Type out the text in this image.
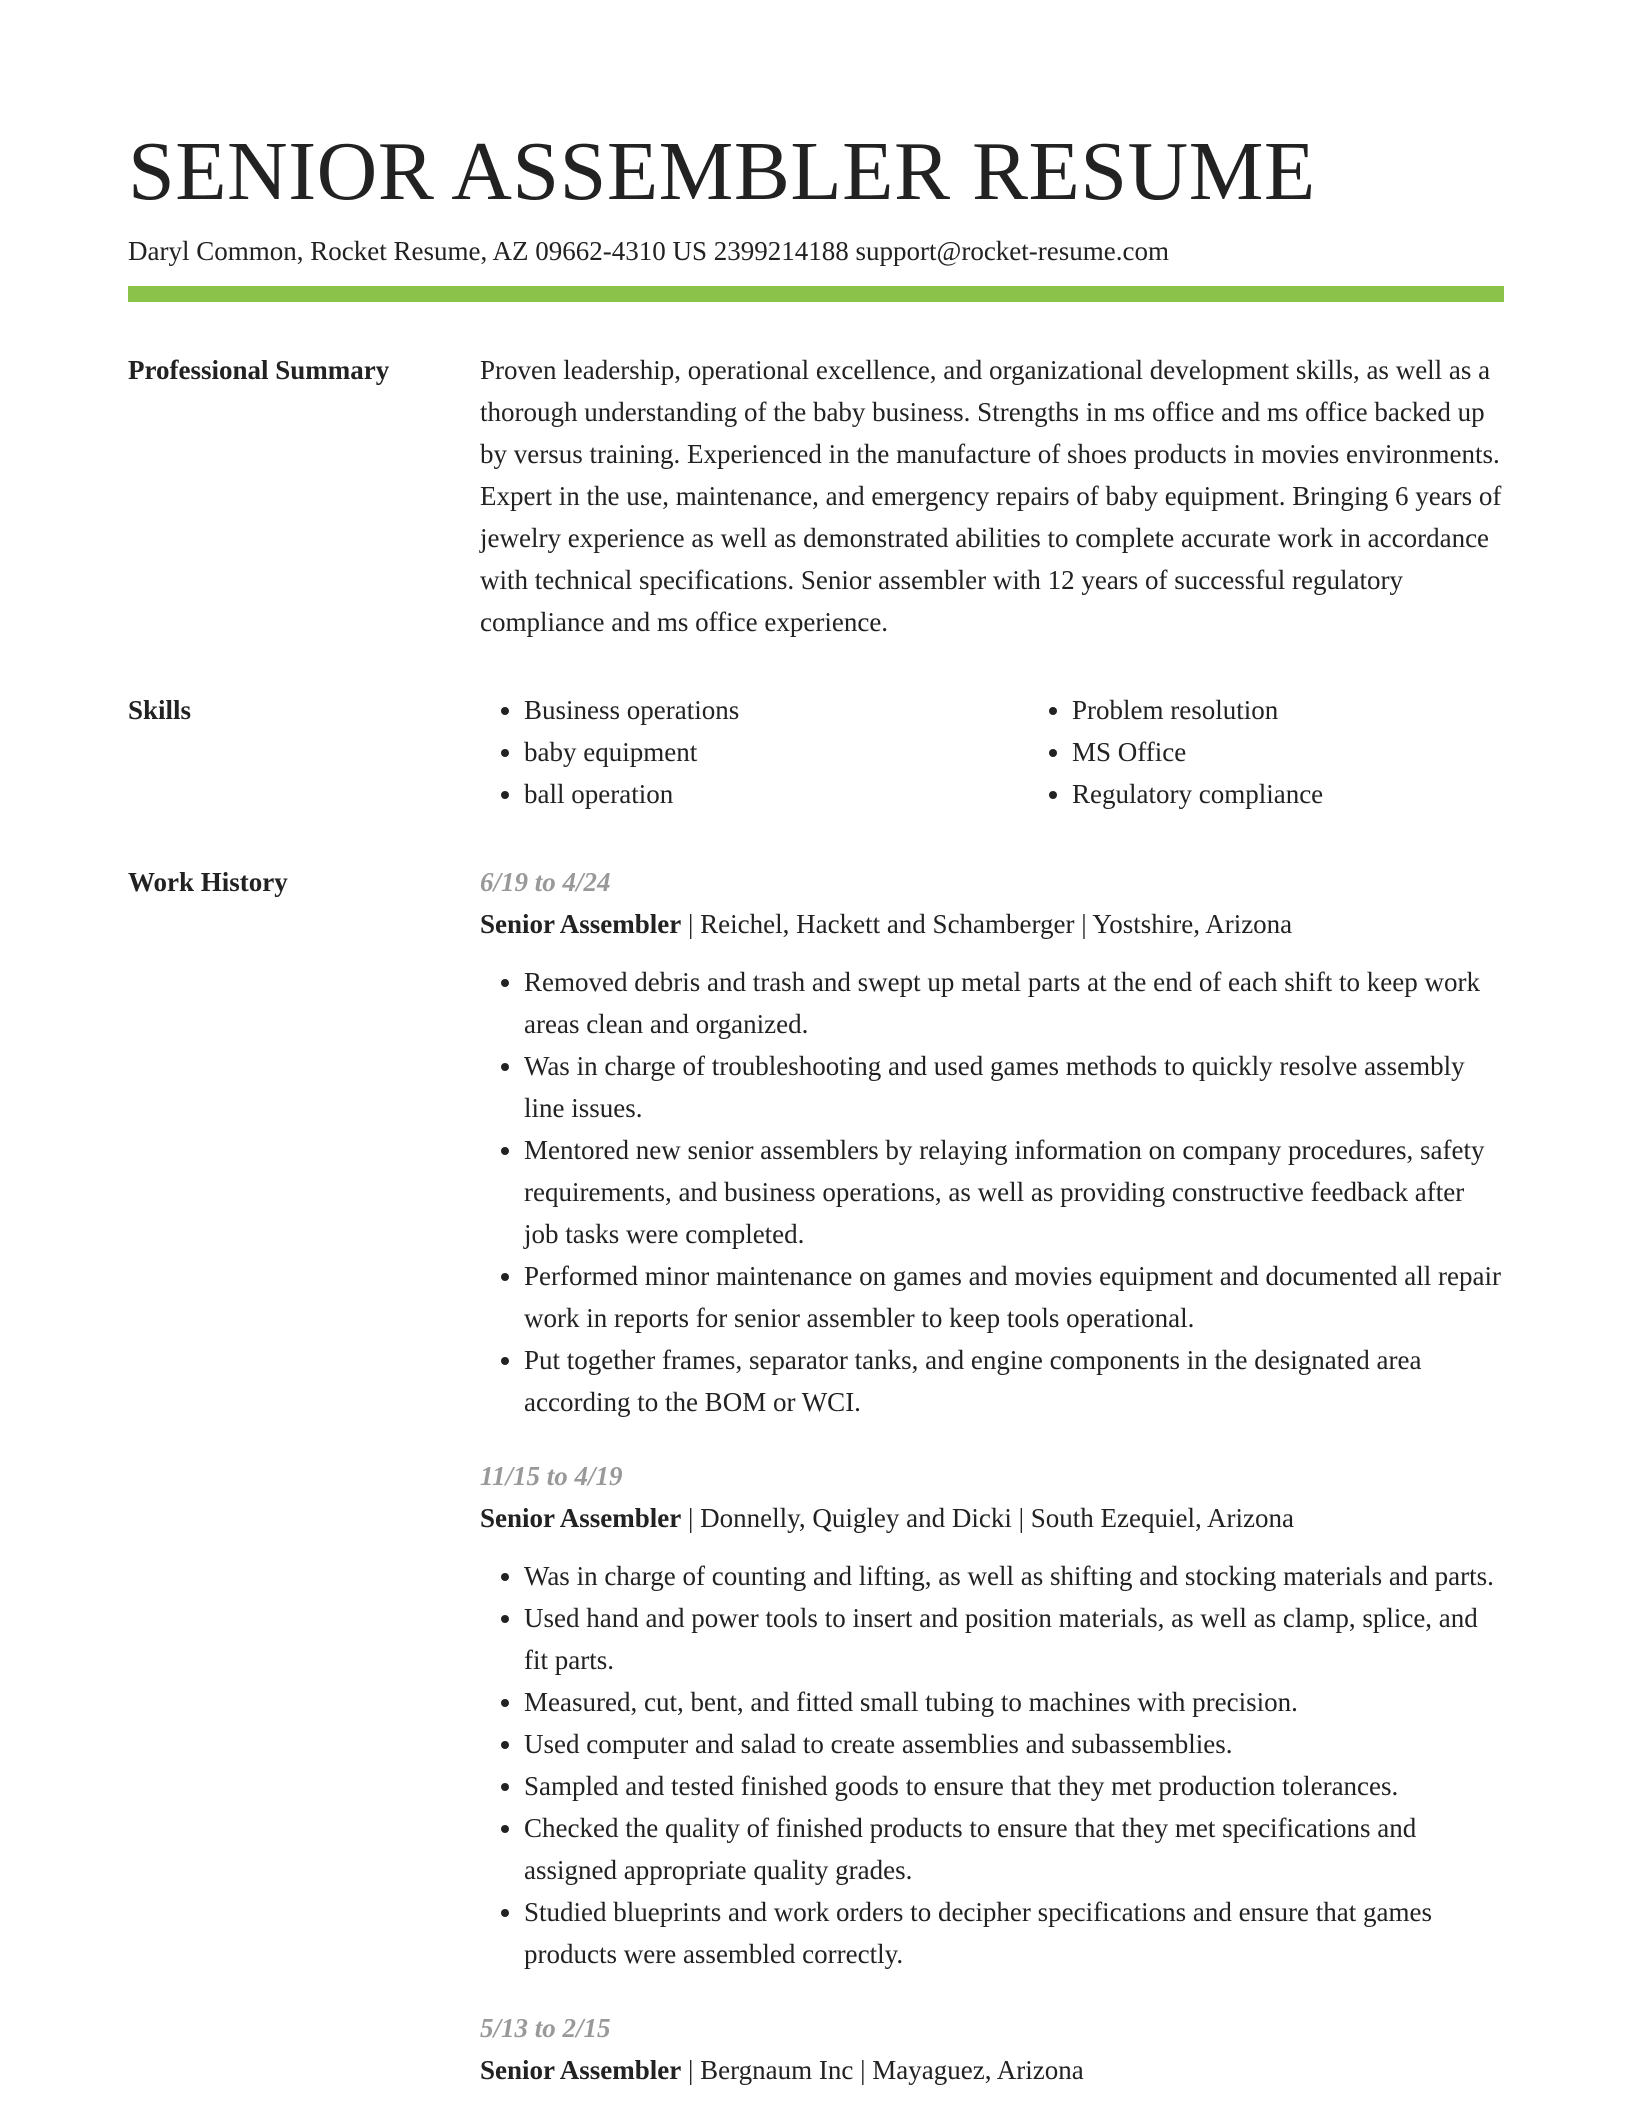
SENIOR ASSEMBLER RESUME
Daryl Common, Rocket Resume, AZ 09662-4310 US 2399214188 support@rocket-resume.com
Professional Summary	Proven leadership, operational excellence, and organizational development skills, as well as a thorough understanding of the baby business. Strengths in ms office and ms office backed up by versus training. Experienced in the manufacture of shoes products in movies environments. Expert in the use, maintenance, and emergency repairs of baby equipment. Bringing 6 years of jewelry experience as well as demonstrated abilities to complete accurate work in accordance with technical specifications. Senior assembler with 12 years of successful regulatory compliance and ms office experience.

Skills
•	Business operations
• baby equipment
• ball operation
• Problem resolution
• MS Office
• Regulatory compliance
Work History	6/19 to 4/24
Senior Assembler | Reichel, Hackett and Schamberger | Yostshire, Arizona
• Removed debris and trash and swept up metal parts at the end of each shift to keep work areas clean and organized.
• Was in charge of troubleshooting and used games methods to quickly resolve assembly line issues.
• Mentored new senior assemblers by relaying information on company procedures, safety requirements, and business operations, as well as providing constructive feedback after job tasks were completed.
• Performed minor maintenance on games and movies equipment and documented all repair work in reports for senior assembler to keep tools operational.
• Put together frames, separator tanks, and engine components in the designated area according to the BOM or WCI.
11/15 to 4/19
Senior Assembler | Donnelly, Quigley and Dicki | South Ezequiel, Arizona
• Was in charge of counting and lifting, as well as shifting and stocking materials and parts.
• Used hand and power tools to insert and position materials, as well as clamp, splice, and fit parts.
• Measured, cut, bent, and fitted small tubing to machines with precision.
• Used computer and salad to create assemblies and subassemblies.
• Sampled and tested finished goods to ensure that they met production tolerances.
• Checked the quality of finished products to ensure that they met specifications and assigned appropriate quality grades.
• Studied blueprints and work orders to decipher specifications and ensure that games products were assembled correctly.
5/13 to 2/15
Senior Assembler | Bergnaum Inc | Mayaguez, Arizona
